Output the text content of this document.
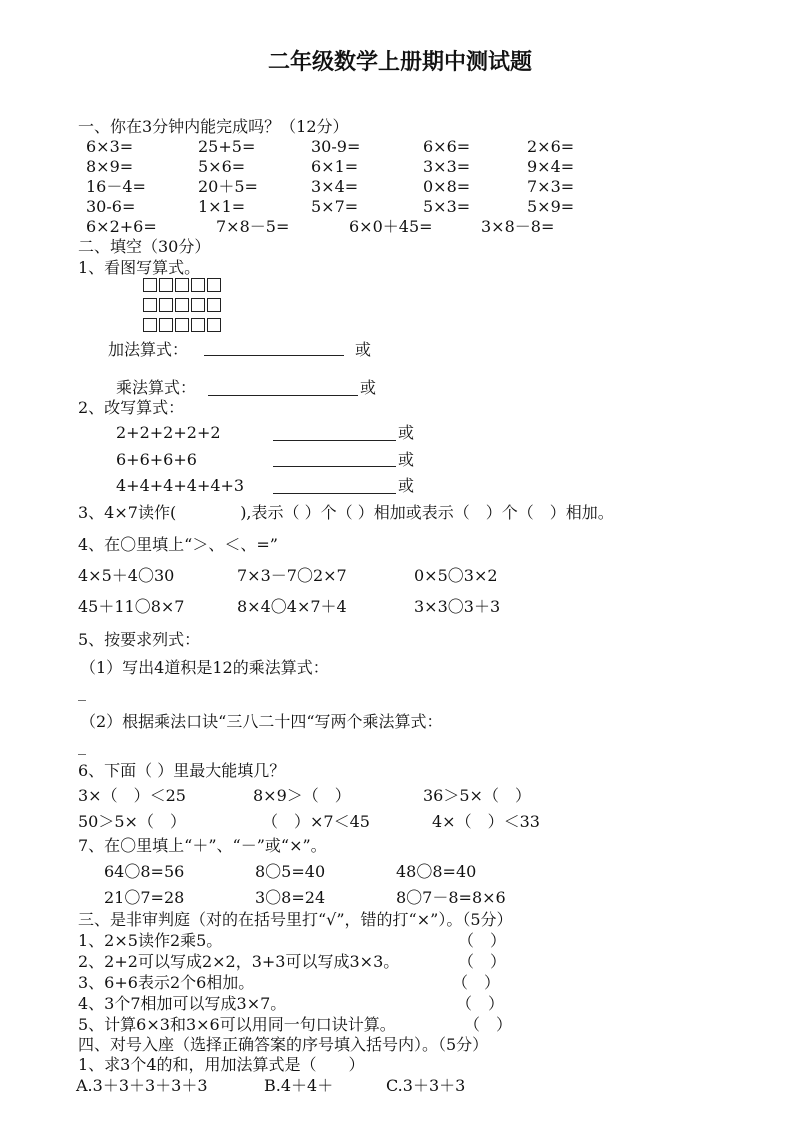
二年级数学上册期中测试题
一、你在3分钟内能完成吗？（12分）
6×3=	25+5=	30-9=	6×6=	2×6=
8×9=	5×6=	6×1=	3×3=	9×4=
16－4=	20＋5=	3×4=	0×8=	7×3=
30-6=	1×1=	5×7=	5×3=	5×9=
6×2+6=	7×8－5=	6×0＋45=	3×8－8=
二、填空（30分）
1、看图写算式。
加法算式：	或
乘法算式：	或
2、改写算式：
2+2+2+2+2	或
6+6+6+6	或
4+4+4+4+4+3	或
3、4×7读作(　　　　),表示（ ）个（ ）相加或表示（　）个（　）相加。
4、在〇里填上“＞、＜、=”
4×5＋4〇30	7×3－7〇2×7	0×5〇3×2
45＋11〇8×7	8×4〇4×7＋4	3×3〇3＋3
5、按要求列式：
（1）写出4道积是12的乘法算式：
_
（2）根据乘法口诀“三八二十四“写两个乘法算式：
_
6、下面（ ）里最大能填几？
3×（　）＜25	8×9＞（　）	36＞5×（　）
50＞5×（　）	（　）×7＜45	4×（　）＜33
7、在〇里填上“＋”、“－”或“×”。
64〇8=56	8〇5=40	48〇8=40
21〇7=28	3〇8=24	8〇7－8=8×6
三、是非审判庭（对的在括号里打“√”，错的打“×”）。（5分）
1、2×5读作2乘5。	（　）
2、2+2可以写成2×2，3+3可以写成3×3。	（　）
3、6+6表示2个6相加。	（　）
4、3个7相加可以写成3×7。	（　）
5、计算6×3和3×6可以用同一句口诀计算。	（　）
四、对号入座（选择正确答案的序号填入括号内）。（5分）
1、求3个4的和，用加法算式是（　　）
A.3＋3＋3＋3＋3	B.4＋4＋	C.3＋3＋3
